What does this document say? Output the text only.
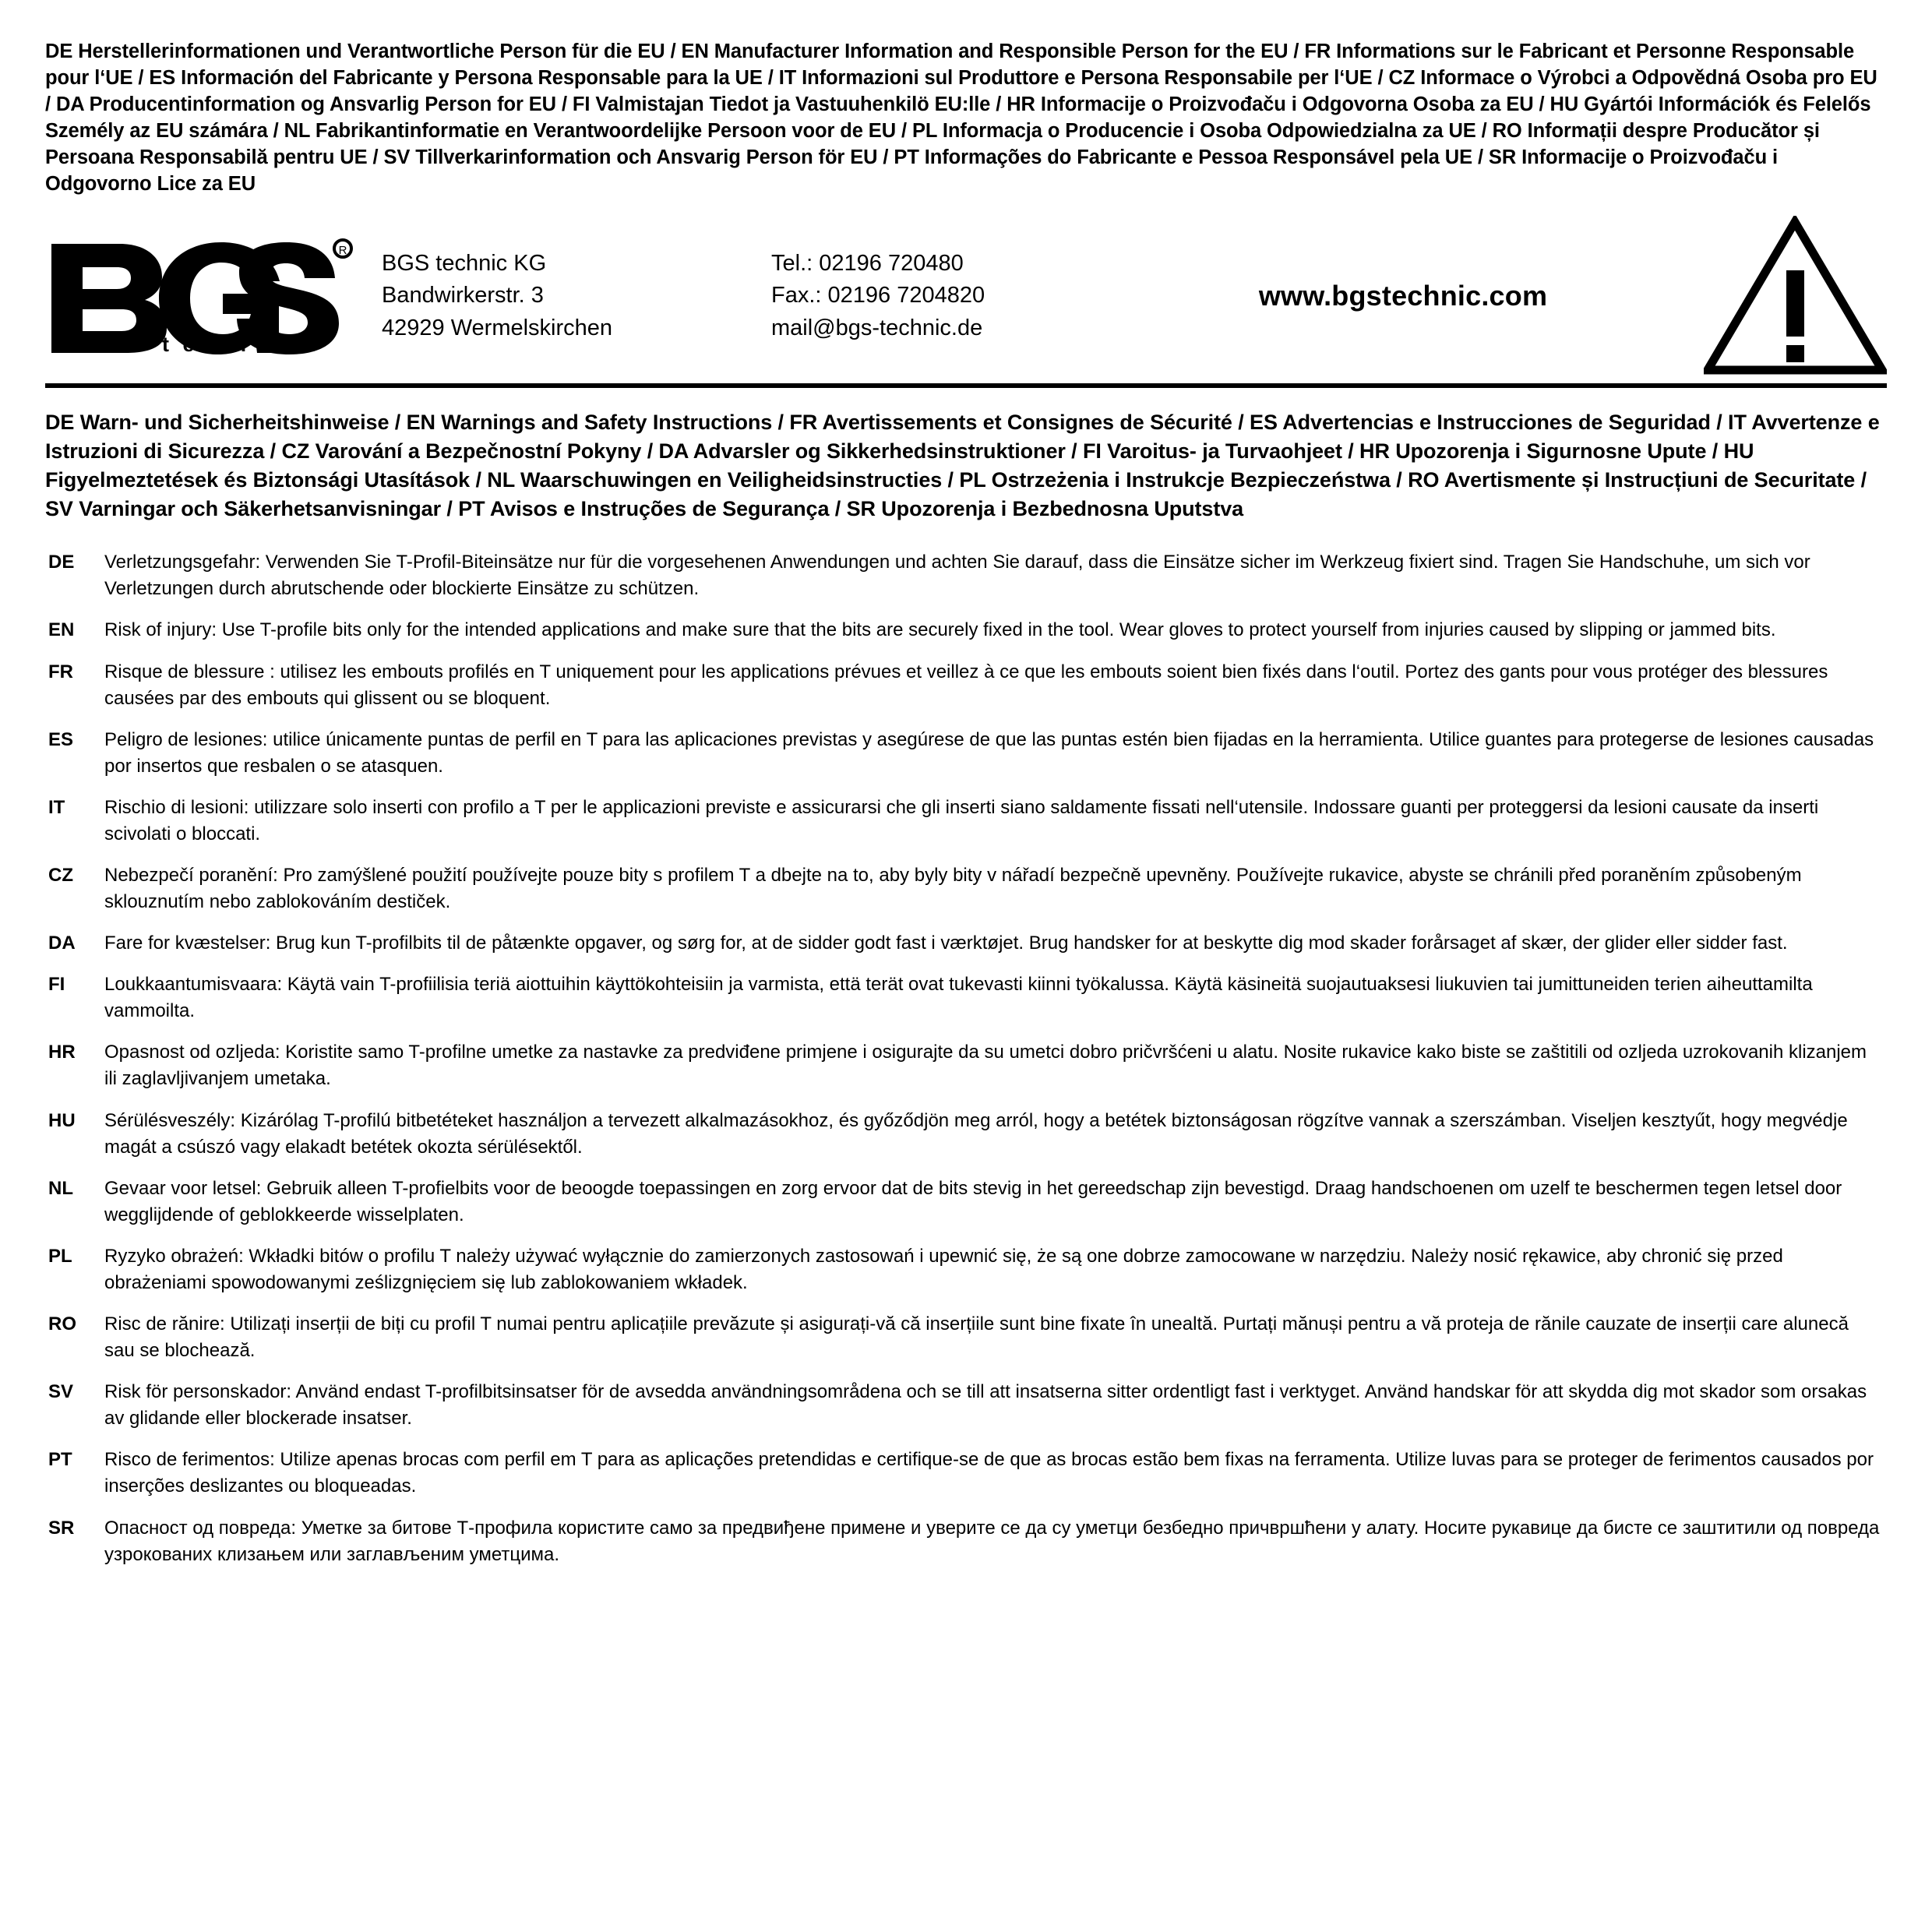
DE Herstellerinformationen und Verantwortliche Person für die EU / EN Manufacturer Information and Responsible Person for the EU / FR Informations sur le Fabricant et Personne Responsable pour l‘UE / ES Información del Fabricante y Persona Responsable para la UE / IT Informazioni sul Produttore e Persona Responsabile per l‘UE / CZ Informace o Výrobci a Odpovědná Osoba pro EU / DA Producentinformation og Ansvarlig Person for EU / FI Valmistajan Tiedot ja Vastuuhenkilö EU:lle / HR Informacije o Proizvođaču i Odgovorna Osoba za EU / HU Gyártói Információk és Felelős Személy az EU számára / NL Fabrikantinformatie en Verantwoordelijke Persoon voor de EU / PL Informacja o Producencie i Osoba Odpowiedzialna za UE / RO Informații despre Producător și Persoana Responsabilă pentru UE / SV Tillverkarinformation och Ansvarig Person för EU / PT Informações do Fabricante e Pessoa Responsável pela UE / SR Informacije o Proizvođaču i Odgovorno Lice za EU
R
t e c h n i c
BGS technic KG
Bandwirkerstr. 3
42929 Wermelskirchen
Tel.: 02196 720480
Fax.: 02196 7204820
mail@bgs-technic.de
www.bgstechnic.com
DE Warn- und Sicherheitshinweise / EN Warnings and Safety Instructions / FR Avertissements et Consignes de Sécurité / ES Advertencias e Instrucciones de Seguridad / IT Avvertenze e Istruzioni di Sicurezza / CZ Varování a Bezpečnostní Pokyny / DA Advarsler og Sikkerhedsinstruktioner / FI Varoitus- ja Turvaohjeet / HR Upozorenja i Sigurnosne Upute / HU Figyelmeztetések és Biztonsági Utasítások / NL Waarschuwingen en Veiligheidsinstructies / PL Ostrzeżenia i Instrukcje Bezpieczeństwa / RO Avertismente și Instrucțiuni de Securitate / SV Varningar och Säkerhetsanvisningar / PT Avisos e Instruções de Segurança / SR Upozorenja i Bezbednosna Uputstva
DE	Verletzungsgefahr: Verwenden Sie T-Profil-Biteinsätze nur für die vorgesehenen Anwendungen und achten Sie darauf, dass die Einsätze sicher im Werkzeug fixiert sind. Tragen Sie Handschuhe, um sich vor Verletzungen durch abrutschende oder blockierte Einsätze zu schützen.
EN	Risk of injury: Use T-profile bits only for the intended applications and make sure that the bits are securely fixed in the tool. Wear gloves to protect yourself from injuries caused by slipping or jammed bits.
FR	Risque de blessure : utilisez les embouts profilés en T uniquement pour les applications prévues et veillez à ce que les embouts soient bien fixés dans l‘outil. Portez des gants pour vous protéger des blessures causées par des embouts qui glissent ou se bloquent.
ES	Peligro de lesiones: utilice únicamente puntas de perfil en T para las aplicaciones previstas y asegúrese de que las puntas estén bien fijadas en la herramienta. Utilice guantes para protegerse de lesiones causadas por insertos que resbalen o se atasquen.
IT	Rischio di lesioni: utilizzare solo inserti con profilo a T per le applicazioni previste e assicurarsi che gli inserti siano saldamente fissati nell‘utensile. Indossare guanti per proteggersi da lesioni causate da inserti scivolati o bloccati.
CZ	Nebezpečí poranění: Pro zamýšlené použití používejte pouze bity s profilem T a dbejte na to, aby byly bity v nářadí bezpečně upevněny. Používejte rukavice, abyste se chránili před poraněním způsobeným sklouznutím nebo zablokováním destiček.
DA	Fare for kvæstelser: Brug kun T-profilbits til de påtænkte opgaver, og sørg for, at de sidder godt fast i værktøjet. Brug handsker for at beskytte dig mod skader forårsaget af skær, der glider eller sidder fast.
FI	Loukkaantumisvaara: Käytä vain T-profiilisia teriä aiottuihin käyttökohteisiin ja varmista, että terät ovat tukevasti kiinni työkalussa. Käytä käsineitä suojautuaksesi liukuvien tai jumittuneiden terien aiheuttamilta vammoilta.
HR	Opasnost od ozljeda: Koristite samo T-profilne umetke za nastavke za predviđene primjene i osigurajte da su umetci dobro pričvršćeni u alatu. Nosite rukavice kako biste se zaštitili od ozljeda uzrokovanih klizanjem ili zaglavljivanjem umetaka.
HU	Sérülésveszély: Kizárólag T-profilú bitbetéteket használjon a tervezett alkalmazásokhoz, és győződjön meg arról, hogy a betétek biztonságosan rögzítve vannak a szerszámban. Viseljen kesztyűt, hogy megvédje magát a csúszó vagy elakadt betétek okozta sérülésektől.
NL	Gevaar voor letsel: Gebruik alleen T-profielbits voor de beoogde toepassingen en zorg ervoor dat de bits stevig in het gereedschap zijn bevestigd. Draag handschoenen om uzelf te beschermen tegen letsel door wegglijdende of geblokkeerde wisselplaten.
PL	Ryzyko obrażeń: Wkładki bitów o profilu T należy używać wyłącznie do zamierzonych zastosowań i upewnić się, że są one dobrze zamocowane w narzędziu. Należy nosić rękawice, aby chronić się przed obrażeniami spowodowanymi ześlizgnięciem się lub zablokowaniem wkładek.
RO	Risc de rănire: Utilizați inserții de biți cu profil T numai pentru aplicațiile prevăzute și asigurați-vă că inserțiile sunt bine fixate în unealtă. Purtați mănuși pentru a vă proteja de rănile cauzate de inserții care alunecă sau se blochează.
SV	Risk för personskador: Använd endast T-profilbitsinsatser för de avsedda användningsområdena och se till att insatserna sitter ordentligt fast i verktyget. Använd handskar för att skydda dig mot skador som orsakas av glidande eller blockerade insatser.
PT	Risco de ferimentos: Utilize apenas brocas com perfil em T para as aplicações pretendidas e certifique-se de que as brocas estão bem fixas na ferramenta. Utilize luvas para se proteger de ferimentos causados por inserções deslizantes ou bloqueadas.
SR	Опасност од повреда: Уметке за битове Т-профила користите само за предвиђене примене и уверите се да су уметци безбедно причвршћени у алату. Носите рукавице да бисте се заштитили од повреда узрокованих клизањем или заглављеним уметцима.
